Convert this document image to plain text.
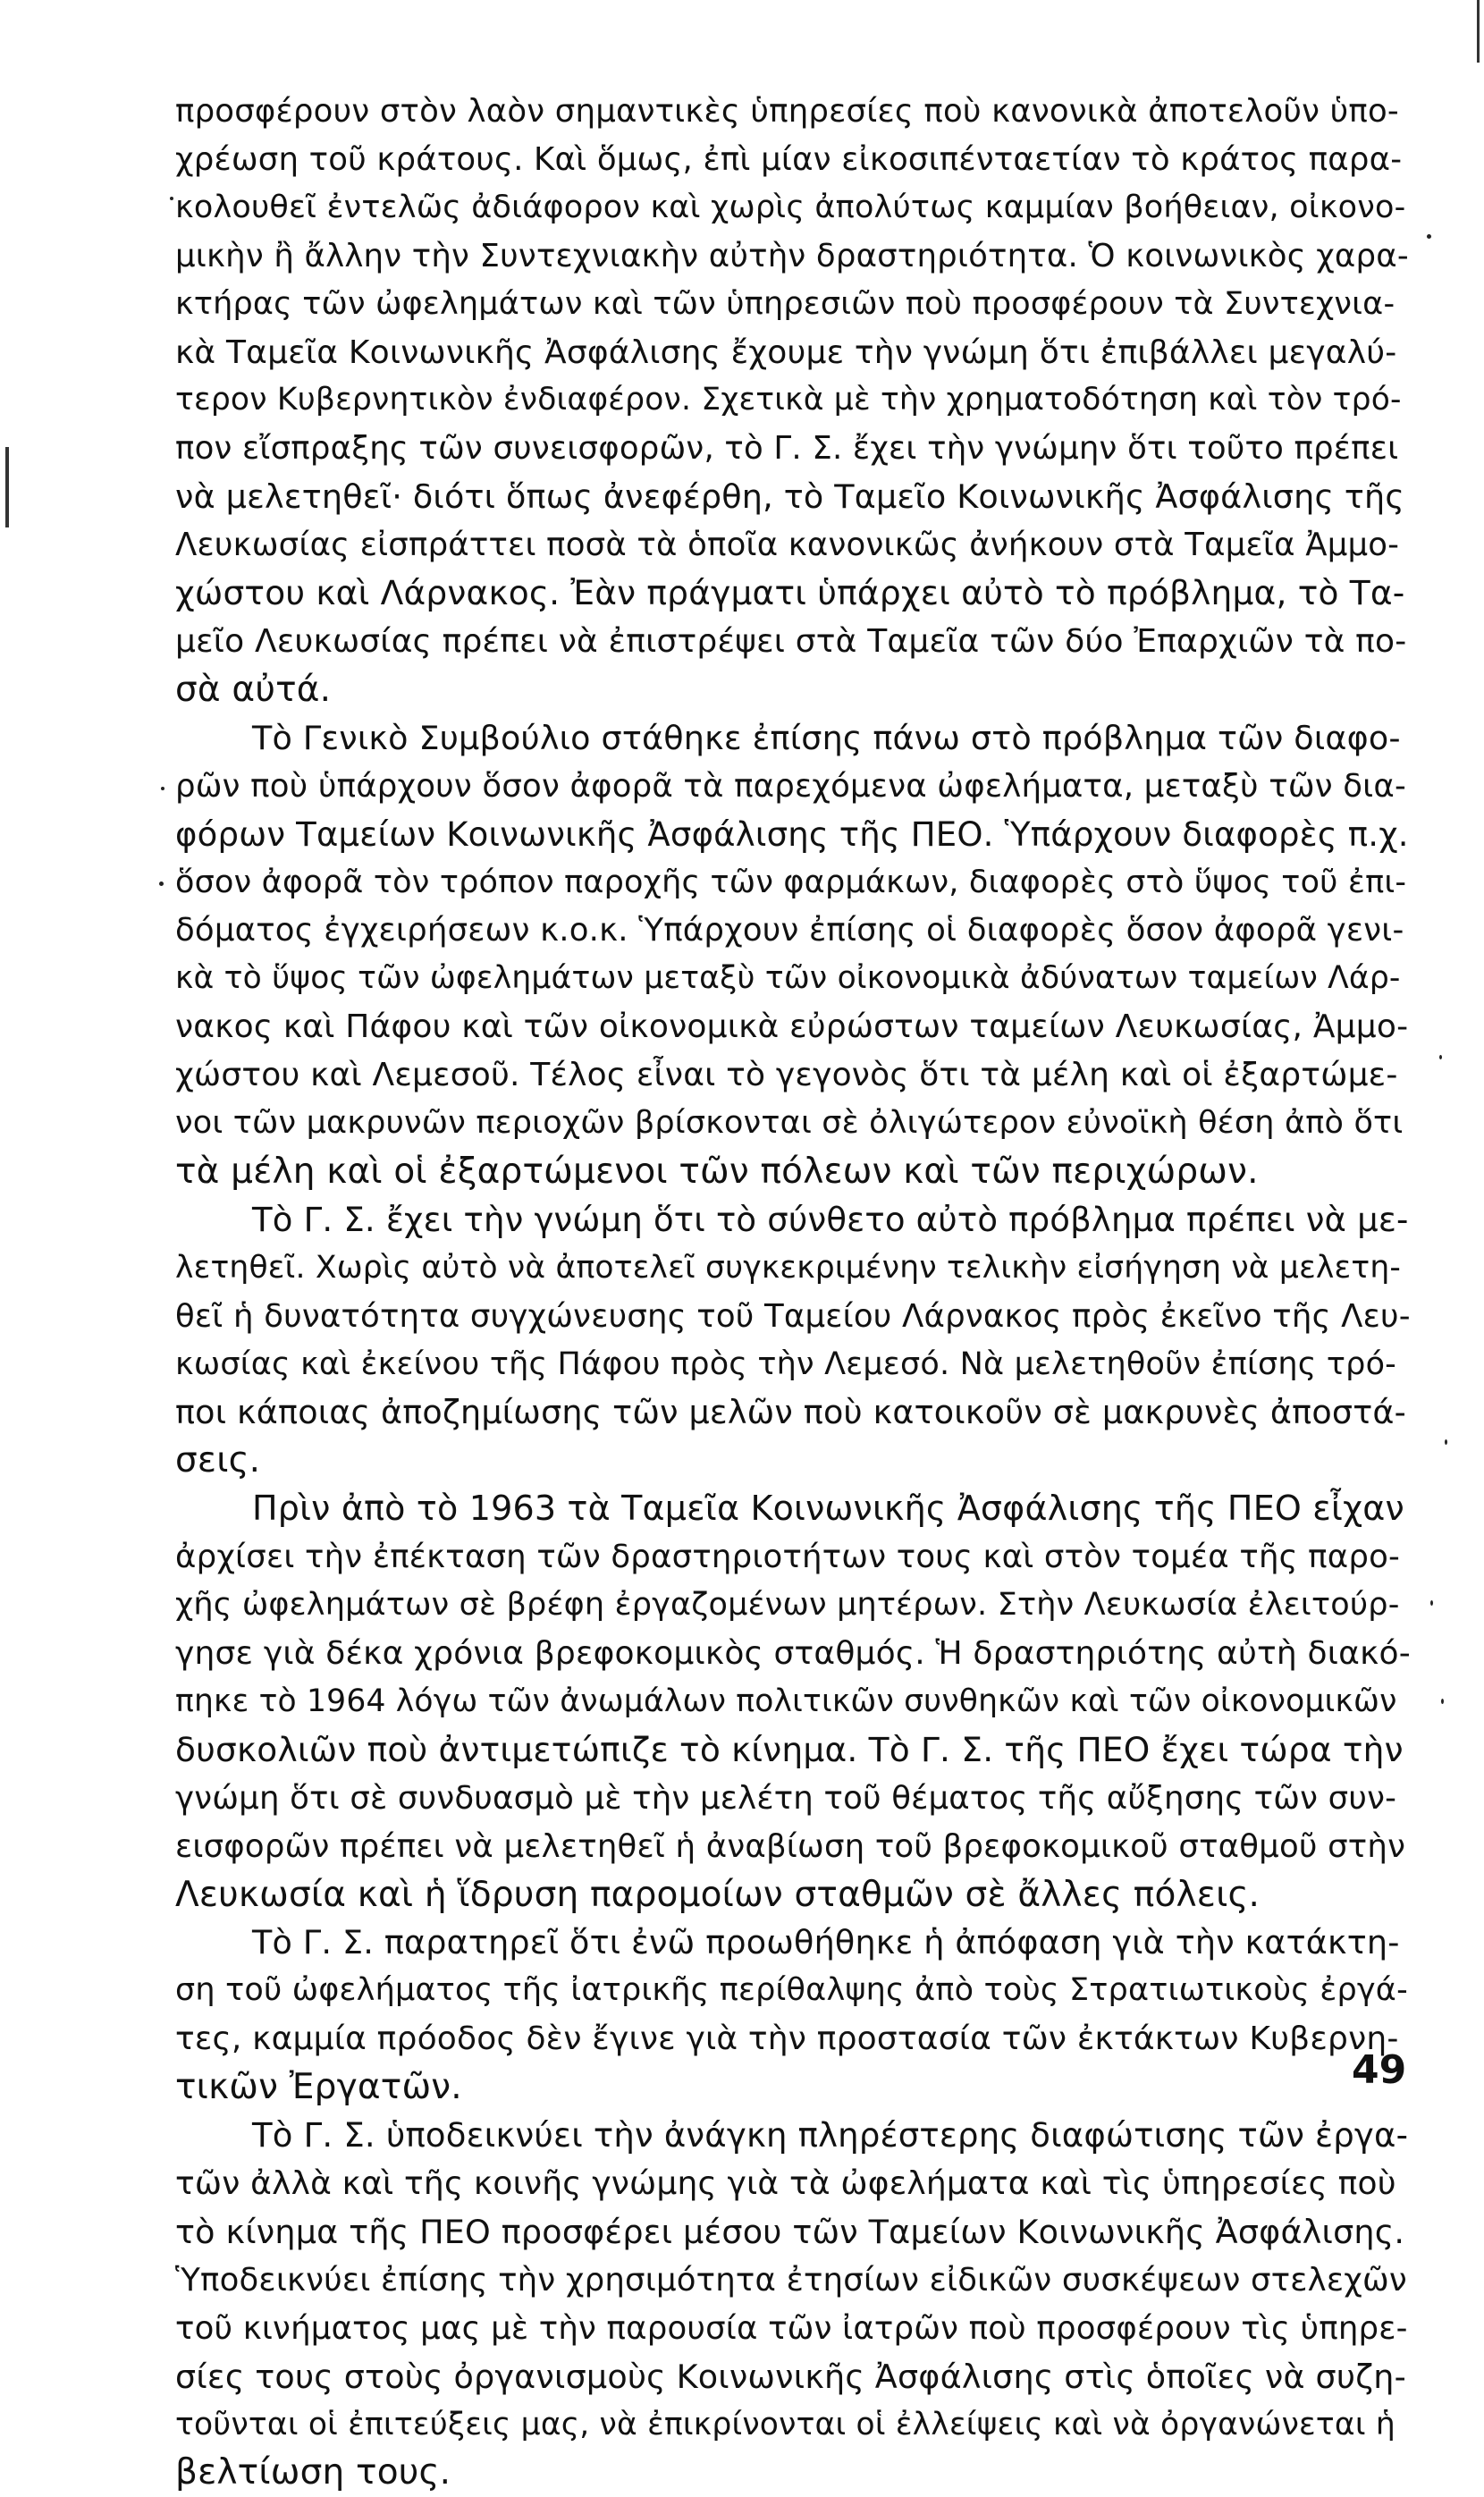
προσφέρουν στὸν λαὸν σημαντικὲς ὑπηρεσίες ποὺ κανονικὰ ἀποτελοῦν ὑπο-
χρέωση τοῦ κράτους. Καὶ ὅμως, ἐπὶ μίαν εἰκοσιπένταετίαν τὸ κράτος παρα-
κολουθεῖ ἐντελῶς ἀδιάφορον καὶ χωρὶς ἀπολύτως καμμίαν βοήθειαν, οἰκονο-
μικὴν ἢ ἄλλην τὴν Συντεχνιακὴν αὐτὴν δραστηριότητα. Ὁ κοινωνικὸς χαρα-
κτήρας τῶν ὠφελημάτων καὶ τῶν ὑπηρεσιῶν ποὺ προσφέρουν τὰ Συντεχνια-
κὰ Ταμεῖα Κοινωνικῆς Ἀσφάλισης ἔχουμε τὴν γνώμη ὅτι ἐπιβάλλει μεγαλύ-
τερον Κυβερνητικὸν ἐνδιαφέρον. Σχετικὰ μὲ τὴν χρηματοδότηση καὶ τὸν τρό-
πον εἴσπραξης τῶν συνεισφορῶν, τὸ Γ. Σ. ἔχει τὴν γνώμην ὅτι τοῦτο πρέπει
νὰ μελετηθεῖ· διότι ὅπως ἀνεφέρθη, τὸ Ταμεῖο Κοινωνικῆς Ἀσφάλισης τῆς
Λευκωσίας εἰσπράττει ποσὰ τὰ ὁποῖα κανονικῶς ἀνήκουν στὰ Ταμεῖα Ἀμμο-
χώστου καὶ Λάρνακος. Ἐὰν πράγματι ὑπάρχει αὐτὸ τὸ πρόβλημα, τὸ Τα-
μεῖο Λευκωσίας πρέπει νὰ ἐπιστρέψει στὰ Ταμεῖα τῶν δύο Ἐπαρχιῶν τὰ πο-
σὰ αὐτά.

Τὸ Γενικὸ Συμβούλιο στάθηκε ἐπίσης πάνω στὸ πρόβλημα τῶν διαφο-
ρῶν ποὺ ὑπάρχουν ὅσον ἀφορᾶ τὰ παρεχόμενα ὠφελήματα, μεταξὺ τῶν δια-
φόρων Ταμείων Κοινωνικῆς Ἀσφάλισης τῆς ΠΕΟ. Ὑπάρχουν διαφορὲς π.χ.
ὅσον ἀφορᾶ τὸν τρόπον παροχῆς τῶν φαρμάκων, διαφορὲς στὸ ὕψος τοῦ ἐπι-
δόματος ἐγχειρήσεων κ.ο.κ. Ὑπάρχουν ἐπίσης οἱ διαφορὲς ὅσον ἀφορᾶ γενι-
κὰ τὸ ὕψος τῶν ὠφελημάτων μεταξὺ τῶν οἰκονομικὰ ἀδύνατων ταμείων Λάρ-
νακος καὶ Πάφου καὶ τῶν οἰκονομικὰ εὐρώστων ταμείων Λευκωσίας, Ἀμμο-
χώστου καὶ Λεμεσοῦ. Τέλος εἶναι τὸ γεγονὸς ὅτι τὰ μέλη καὶ οἱ ἐξαρτώμε-
νοι τῶν μακρυνῶν περιοχῶν βρίσκονται σὲ ὀλιγώτερον εὐνοϊκὴ θέση ἀπὸ ὅτι
τὰ μέλη καὶ οἱ ἐξαρτώμενοι τῶν πόλεων καὶ τῶν περιχώρων.

Τὸ Γ. Σ. ἔχει τὴν γνώμη ὅτι τὸ σύνθετο αὐτὸ πρόβλημα πρέπει νὰ με-
λετηθεῖ. Χωρὶς αὐτὸ νὰ ἀποτελεῖ συγκεκριμένην τελικὴν εἰσήγηση νὰ μελετη-
θεῖ ἡ δυνατότητα συγχώνευσης τοῦ Ταμείου Λάρνακος πρὸς ἐκεῖνο τῆς Λευ-
κωσίας καὶ ἐκείνου τῆς Πάφου πρὸς τὴν Λεμεσό. Νὰ μελετηθοῦν ἐπίσης τρό-
ποι κάποιας ἀποζημίωσης τῶν μελῶν ποὺ κατοικοῦν σὲ μακρυνὲς ἀποστά-
σεις.

Πρὶν ἀπὸ τὸ 1963 τὰ Ταμεῖα Κοινωνικῆς Ἀσφάλισης τῆς ΠΕΟ εἶχαν
ἀρχίσει τὴν ἐπέκταση τῶν δραστηριοτήτων τους καὶ στὸν τομέα τῆς παρο-
χῆς ὠφελημάτων σὲ βρέφη ἐργαζομένων μητέρων. Στὴν Λευκωσία ἐλειτούρ-
γησε γιὰ δέκα χρόνια βρεφοκομικὸς σταθμός. Ἡ δραστηριότης αὐτὴ διακό-
πηκε τὸ 1964 λόγω τῶν ἀνωμάλων πολιτικῶν συνθηκῶν καὶ τῶν οἰκονομικῶν
δυσκολιῶν ποὺ ἀντιμετώπιζε τὸ κίνημα. Τὸ Γ. Σ. τῆς ΠΕΟ ἔχει τώρα τὴν
γνώμη ὅτι σὲ συνδυασμὸ μὲ τὴν μελέτη τοῦ θέματος τῆς αὔξησης τῶν συν-
εισφορῶν πρέπει νὰ μελετηθεῖ ἡ ἀναβίωση τοῦ βρεφοκομικοῦ σταθμοῦ στὴν
Λευκωσία καὶ ἡ ἵδρυση παρομοίων σταθμῶν σὲ ἄλλες πόλεις.

Τὸ Γ. Σ. παρατηρεῖ ὅτι ἐνῶ προωθήθηκε ἡ ἀπόφαση γιὰ τὴν κατάκτη-
ση τοῦ ὠφελήματος τῆς ἰατρικῆς περίθαλψης ἀπὸ τοὺς Στρατιωτικοὺς ἐργά-
τες, καμμία πρόοδος δὲν ἔγινε γιὰ τὴν προστασία τῶν ἐκτάκτων Κυβερνη-
τικῶν Ἐργατῶν.

Τὸ Γ. Σ. ὑποδεικνύει τὴν ἀνάγκη πληρέστερης διαφώτισης τῶν ἐργα-
τῶν ἀλλὰ καὶ τῆς κοινῆς γνώμης γιὰ τὰ ὠφελήματα καὶ τὶς ὑπηρεσίες ποὺ
τὸ κίνημα τῆς ΠΕΟ προσφέρει μέσου τῶν Ταμείων Κοινωνικῆς Ἀσφάλισης.
Ὑποδεικνύει ἐπίσης τὴν χρησιμότητα ἐτησίων εἰδικῶν συσκέψεων στελεχῶν
τοῦ κινήματος μας μὲ τὴν παρουσία τῶν ἰατρῶν ποὺ προσφέρουν τὶς ὑπηρε-
σίες τους στοὺς ὀργανισμοὺς Κοινωνικῆς Ἀσφάλισης στὶς ὁποῖες νὰ συζη-
τοῦνται οἱ ἐπιτεύξεις μας, νὰ ἐπικρίνονται οἱ ἐλλείψεις καὶ νὰ ὀργανώνεται ἡ
βελτίωση τους.

49
